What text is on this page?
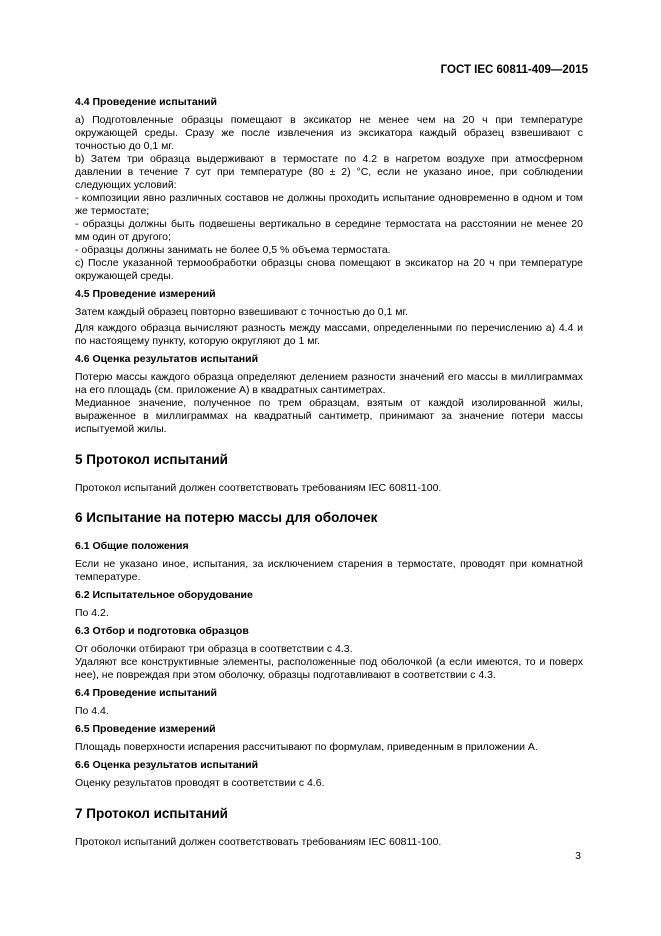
ГОСТ IEC 60811-409—2015
4.4 Проведение испытаний
a) Подготовленные образцы помещают в эксикатор не менее чем на 20 ч при температуре окружающей среды. Сразу же после извлечения из эксикатора каждый образец взвешивают с точностью до 0,1 мг.
b) Затем три образца выдерживают в термостате по 4.2 в нагретом воздухе при атмосферном давлении в течение 7 сут при температуре (80 ± 2) °С, если не указано иное, при соблюдении следующих условий:
- композиции явно различных составов не должны проходить испытание одновременно в одном и том же термостате;
- образцы должны быть подвешены вертикально в середине термостата на расстоянии не менее 20 мм один от другого;
- образцы должны занимать не более 0,5 % объема термостата.
c) После указанной термообработки образцы снова помещают в эксикатор на 20 ч при температуре окружающей среды.
4.5 Проведение измерений
Затем каждый образец повторно взвешивают с точностью до 0,1 мг.
Для каждого образца вычисляют разность между массами, определенными по перечислению а) 4.4 и по настоящему пункту, которую округляют до 1 мг.
4.6 Оценка результатов испытаний
Потерю массы каждого образца определяют делением разности значений его массы в миллиграммах на его площадь (см. приложение А) в квадратных сантиметрах.
Медианное значение, полученное по трем образцам, взятым от каждой изолированной жилы, выраженное в миллиграммах на квадратный сантиметр, принимают за значение потери массы испытуемой жилы.
5 Протокол испытаний
Протокол испытаний должен соответствовать требованиям IEC 60811-100.
6 Испытание на потерю массы для оболочек
6.1 Общие положения
Если не указано иное, испытания, за исключением старения в термостате, проводят при комнатной температуре.
6.2 Испытательное оборудование
По 4.2.
6.3 Отбор и подготовка образцов
От оболочки отбирают три образца в соответствии с 4.3.
Удаляют все конструктивные элементы, расположенные под оболочкой (а если имеются, то и поверх нее), не повреждая при этом оболочку, образцы подготавливают в соответствии с 4.3.
6.4 Проведение испытаний
По 4.4.
6.5 Проведение измерений
Площадь поверхности испарения рассчитывают по формулам, приведенным в приложении А.
6.6 Оценка результатов испытаний
Оценку результатов проводят в соответствии с 4.6.
7 Протокол испытаний
Протокол испытаний должен соответствовать требованиям IEC 60811-100.
3
